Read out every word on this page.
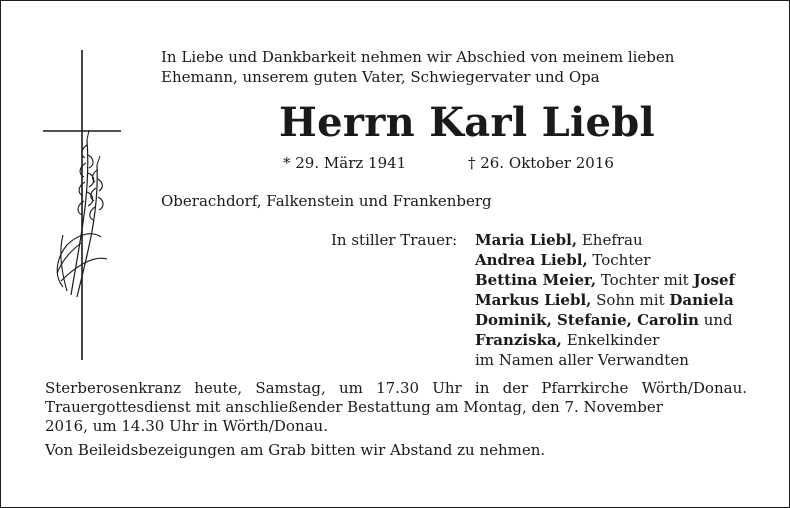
In Liebe und Dankbarkeit nehmen wir Abschied von meinem lieben
Ehemann, unserem guten Vater, Schwiegervater und Opa
Herrn Karl Liebl
* 29. März 1941	† 26. Oktober 2016
Oberachdorf, Falkenstein und Frankenberg
In stiller Trauer: Maria Liebl, Ehefrau
Andrea Liebl, Tochter
Bettina Meier, Tochter mit Josef
Markus Liebl, Sohn mit Daniela
Dominik, Stefanie, Carolin und
Franziska, Enkelkinder
im Namen aller Verwandten
Sterberosenkranz heute, Samstag, um 17.30 Uhr in der Pfarrkirche Wörth/Donau. Trauergottesdienst mit anschließender Bestattung am Montag, den 7. November
2016, um 14.30 Uhr in Wörth/Donau.
Von Beileidsbezeigungen am Grab bitten wir Abstand zu nehmen.
